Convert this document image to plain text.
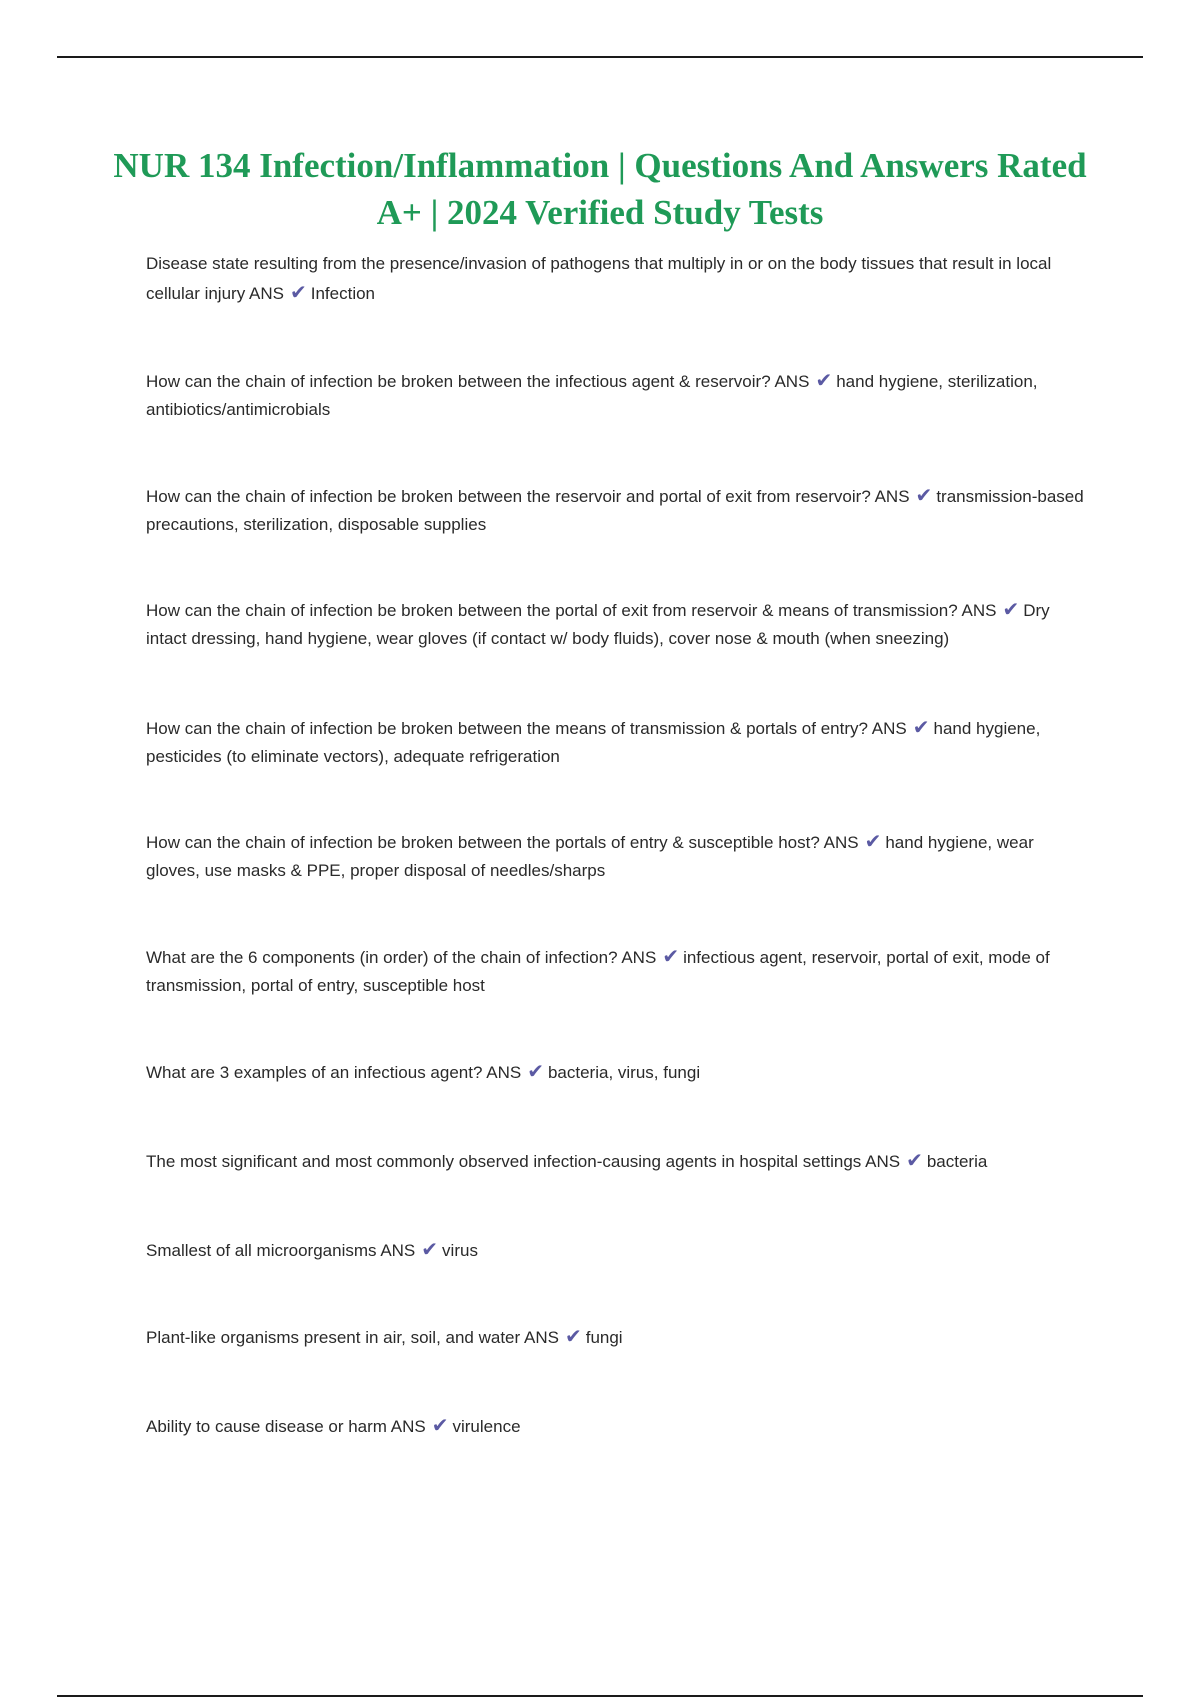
NUR 134 Infection/Inflammation | Questions And Answers Rated A+ | 2024 Verified Study Tests
Disease state resulting from the presence/invasion of pathogens that multiply in or on the body tissues that result in local cellular injury ANS ✔ Infection
How can the chain of infection be broken between the infectious agent & reservoir? ANS ✔ hand hygiene, sterilization, antibiotics/antimicrobials
How can the chain of infection be broken between the reservoir and portal of exit from reservoir? ANS ✔ transmission-based precautions, sterilization, disposable supplies
How can the chain of infection be broken between the portal of exit from reservoir & means of transmission? ANS ✔ Dry intact dressing, hand hygiene, wear gloves (if contact w/ body fluids), cover nose & mouth (when sneezing)
How can the chain of infection be broken between the means of transmission & portals of entry? ANS ✔ hand hygiene, pesticides (to eliminate vectors), adequate refrigeration
How can the chain of infection be broken between the portals of entry & susceptible host? ANS ✔ hand hygiene, wear gloves, use masks & PPE, proper disposal of needles/sharps
What are the 6 components (in order) of the chain of infection? ANS ✔ infectious agent, reservoir, portal of exit, mode of transmission, portal of entry, susceptible host
What are 3 examples of an infectious agent? ANS ✔ bacteria, virus, fungi
The most significant and most commonly observed infection-causing agents in hospital settings ANS ✔ bacteria
Smallest of all microorganisms ANS ✔ virus
Plant-like organisms present in air, soil, and water ANS ✔ fungi
Ability to cause disease or harm ANS ✔ virulence
